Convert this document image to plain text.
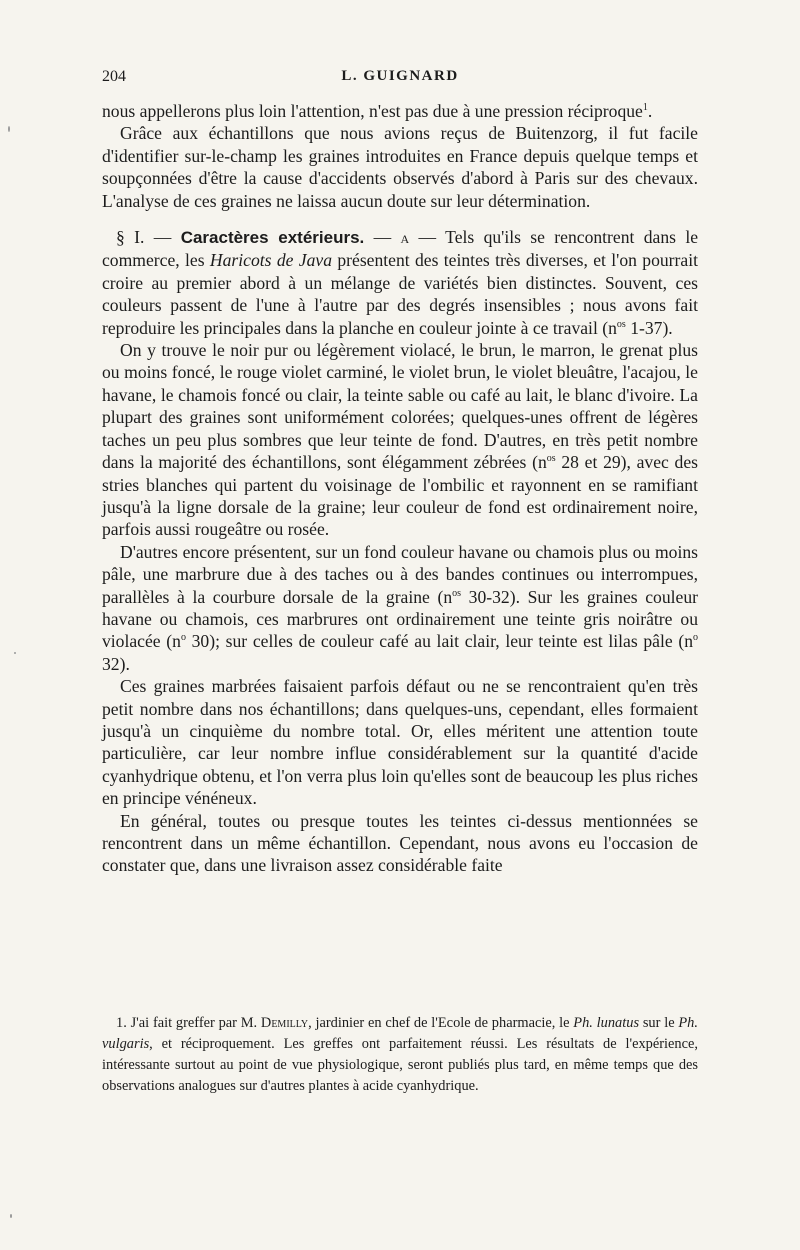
204	L. GUIGNARD

nous appellerons plus loin l'attention, n'est pas due à une pression réciproque$^1$.

Grâce aux échantillons que nous avions reçus de Buitenzorg, il fut facile d'identifier sur-le-champ les graines introduites en France depuis quelque temps et soupçonnées d'être la cause d'accidents observés d'abord à Paris sur des chevaux. L'analyse de ces graines ne laissa aucun doute sur leur détermination.

§ I. — Caractères extérieurs. — a — Tels qu'ils se rencontrent dans le commerce, les Haricots de Java présentent des teintes très diverses, et l'on pourrait croire au premier abord à un mélange de variétés bien distinctes. Souvent, ces couleurs passent de l'une à l'autre par des degrés insensibles ; nous avons fait reproduire les principales dans la planche en couleur jointe à ce travail ($n^{os}$ 1-37).

On y trouve le noir pur ou légèrement violacé, le brun, le marron, le grenat plus ou moins foncé, le rouge violet carminé, le violet brun, le violet bleuâtre, l'acajou, le havane, le chamois foncé ou clair, la teinte sable ou café au lait, le blanc d'ivoire. La plupart des graines sont uniformément colorées; quelques-unes offrent de légères taches un peu plus sombres que leur teinte de fond. D'autres, en très petit nombre dans la majorité des échantillons, sont élégamment zébrées ($n^{os}$ 28 et 29), avec des stries blanches qui partent du voisinage de l'ombilic et rayonnent en se ramifiant jusqu'à la ligne dorsale de la graine; leur couleur de fond est ordinairement noire, parfois aussi rougeâtre ou rosée.

D'autres encore présentent, sur un fond couleur havane ou chamois plus ou moins pâle, une marbrure due à des taches ou à des bandes continues ou interrompues, parallèles à la courbure dorsale de la graine ($n^{os}$ 30-32). Sur les graines couleur havane ou chamois, ces marbrures ont ordinairement une teinte gris noirâtre ou violacée ($n^o$ 30); sur celles de couleur café au lait clair, leur teinte est lilas pâle ($n^o$ 32).

Ces graines marbrées faisaient parfois défaut ou ne se rencontraient qu'en très petit nombre dans nos échantillons; dans quelques-uns, cependant, elles formaient jusqu'à un cinquième du nombre total. Or, elles méritent une attention toute particulière, car leur nombre influe considérablement sur la quantité d'acide cyanhydrique obtenu, et l'on verra plus loin qu'elles sont de beaucoup les plus riches en principe vénéneux.

En général, toutes ou presque toutes les teintes ci-dessus mentionnées se rencontrent dans un même échantillon. Cependant, nous avons eu l'occasion de constater que, dans une livraison assez considérable faite

1. J'ai fait greffer par M. Demilly, jardinier en chef de l'Ecole de pharmacie, le Ph. lunatus sur le Ph. vulgaris, et réciproquement. Les greffes ont parfaitement réussi. Les résultats de l'expérience, intéressante surtout au point de vue physiologique, seront publiés plus tard, en même temps que des observations analogues sur d'autres plantes à acide cyanhydrique.
